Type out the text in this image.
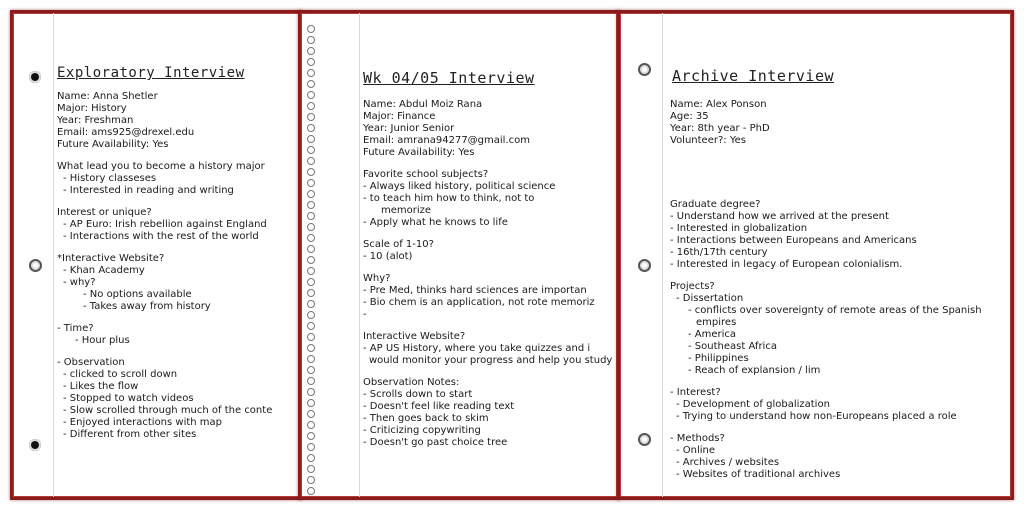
Exploratory Interview
Name: Anna Shetler
Major: History
Year: Freshman
Email: ams925@drexel.edu
Future Availability: Yes
What lead you to become a history major
- History classeses
- Interested in reading and writing
Interest or unique?
- AP Euro: Irish rebellion against England
- Interactions with the rest of the world
*Interactive Website?
- Khan Academy
- why?
- No options available
- Takes away from history
- Time?
- Hour plus
- Observation
- clicked to scroll down
- Likes the flow
- Stopped to watch videos
- Slow scrolled through much of the conte
- Enjoyed interactions with map
- Different from other sites
Wk 04/05 Interview
Name: Abdul Moiz Rana
Major: Finance
Year: Junior Senior
Email: amrana94277@gmail.com
Future Availability: Yes
Favorite school subjects?
- Always liked history, political science
- to teach him how to think, not to
memorize
- Apply what he knows to life
Scale of 1-10?
- 10 (alot)
Why?
- Pre Med, thinks hard sciences are importan
- Bio chem is an application, not rote memoriz
-
Interactive Website?
- AP US History, where you take quizzes and i
would monitor your progress and help you study
Observation Notes:
- Scrolls down to start
- Doesn't feel like reading text
- Then goes back to skim
- Criticizing copywriting
- Doesn't go past choice tree
Archive Interview
Name: Alex Ponson
Age: 35
Year: 8th year - PhD
Volunteer?: Yes
Graduate degree?
- Understand how we arrived at the present
- Interested in globalization
- Interactions between Europeans and Americans
- 16th/17th century
- Interested in legacy of European colonialism.
Projects?
- Dissertation
- conflicts over sovereignty of remote areas of the Spanish
empires
- America
- Southeast Africa
- Philippines
- Reach of explansion / lim
- Interest?
- Development of globalization
- Trying to understand how non-Europeans placed a role
- Methods?
- Online
- Archives / websites
- Websites of traditional archives
